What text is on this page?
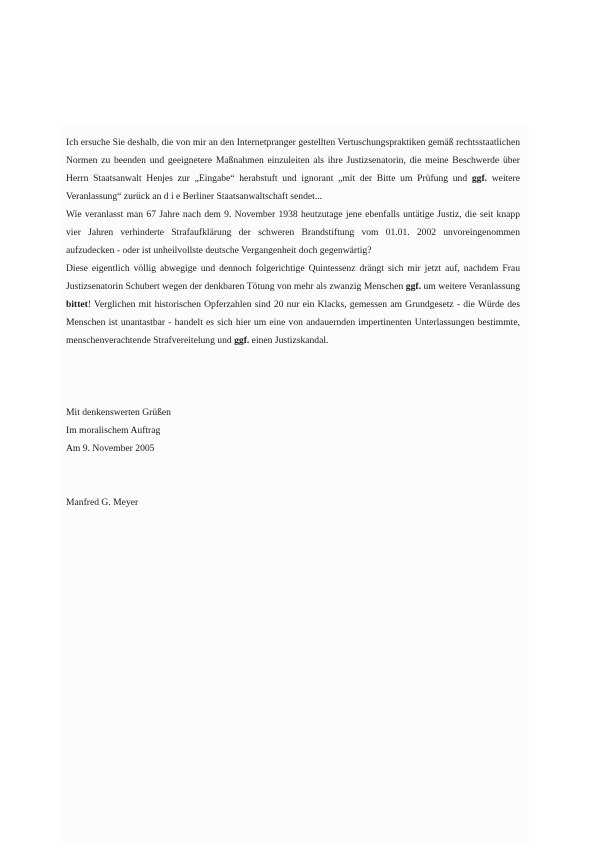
Ich ersuche Sie deshalb, die von mir an den Internetpranger gestellten Vertuschungspraktiken gemäß rechtsstaatlichen Normen zu beenden und geeignetere Maßnahmen einzuleiten als ihre Justizsenatorin, die meine Beschwerde über Herrn Staatsanwalt Henjes zur „Eingabe“ herabstuft und ignorant „mit der Bitte um Prüfung und ggf. weitere Veranlassung“ zurück an d i e Berliner Staatsanwaltschaft sendet...

Wie veranlasst man 67 Jahre nach dem 9. November 1938 heutzutage jene ebenfalls untätige Justiz, die seit knapp vier Jahren verhinderte Strafaufklärung der schweren Brandstiftung vom 01.01. 2002 unvoreingenommen aufzudecken - oder ist unheilvollste deutsche Vergangenheit doch gegenwärtig?

Diese eigentlich völlig abwegige und dennoch folgerichtige Quintessenz drängt sich mir jetzt auf, nachdem Frau Justizsenatorin Schubert wegen der denkbaren Tötung von mehr als zwanzig Menschen ggf. um weitere Veranlassung bittet! Verglichen mit historischen Opferzahlen sind 20 nur ein Klacks, gemessen am Grundgesetz - die Würde des Menschen ist unantastbar - handelt es sich hier um eine von andauernden impertinenten Unterlassungen bestimmte, menschenverachtende Strafvereitelung und ggf. einen Justizskandal.

Mit denkenswerten Grüßen
Im moralischem Auftrag
Am 9. November 2005
Manfred G. Meyer
